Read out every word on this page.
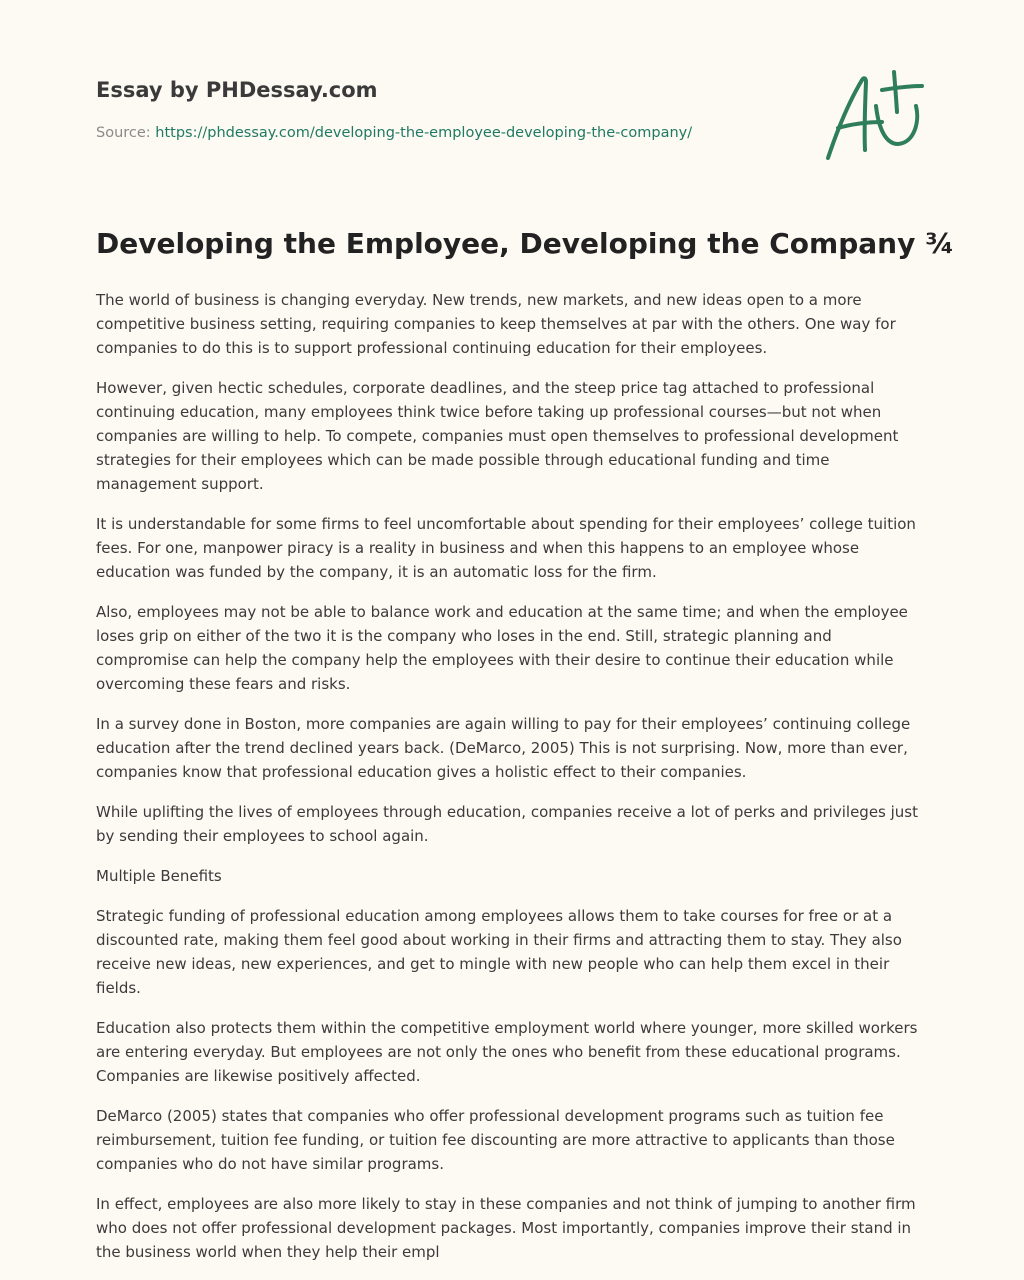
Essay by PHDessay.com

Source: https://phdessay.com/developing-the-employee-developing-the-company/
Developing the Employee, Developing the Company ¾

The world of business is changing everyday. New trends, new markets, and new ideas open to a more competitive business setting, requiring companies to keep themselves at par with the others. One way for companies to do this is to support professional continuing education for their employees.

However, given hectic schedules, corporate deadlines, and the steep price tag attached to professional continuing education, many employees think twice before taking up professional courses—but not when companies are willing to help. To compete, companies must open themselves to professional development strategies for their employees which can be made possible through educational funding and time management support.

It is understandable for some firms to feel uncomfortable about spending for their employees’ college tuition fees. For one, manpower piracy is a reality in business and when this happens to an employee whose education was funded by the company, it is an automatic loss for the firm.

Also, employees may not be able to balance work and education at the same time; and when the employee loses grip on either of the two it is the company who loses in the end. Still, strategic planning and compromise can help the company help the employees with their desire to continue their education while overcoming these fears and risks.

In a survey done in Boston, more companies are again willing to pay for their employees’ continuing college education after the trend declined years back. (DeMarco, 2005) This is not surprising. Now, more than ever, companies know that professional education gives a holistic effect to their companies.

While uplifting the lives of employees through education, companies receive a lot of perks and privileges just by sending their employees to school again.

Multiple Benefits

Strategic funding of professional education among employees allows them to take courses for free or at a discounted rate, making them feel good about working in their firms and attracting them to stay. They also receive new ideas, new experiences, and get to mingle with new people who can help them excel in their fields.

Education also protects them within the competitive employment world where younger, more skilled workers are entering everyday. But employees are not only the ones who benefit from these educational programs. Companies are likewise positively affected.

DeMarco (2005) states that companies who offer professional development programs such as tuition fee reimbursement, tuition fee funding, or tuition fee discounting are more attractive to applicants than those companies who do not have similar programs.

In effect, employees are also more likely to stay in these companies and not think of jumping to another firm who does not offer professional development packages. Most importantly, companies improve their stand in the business world when they help their empl
